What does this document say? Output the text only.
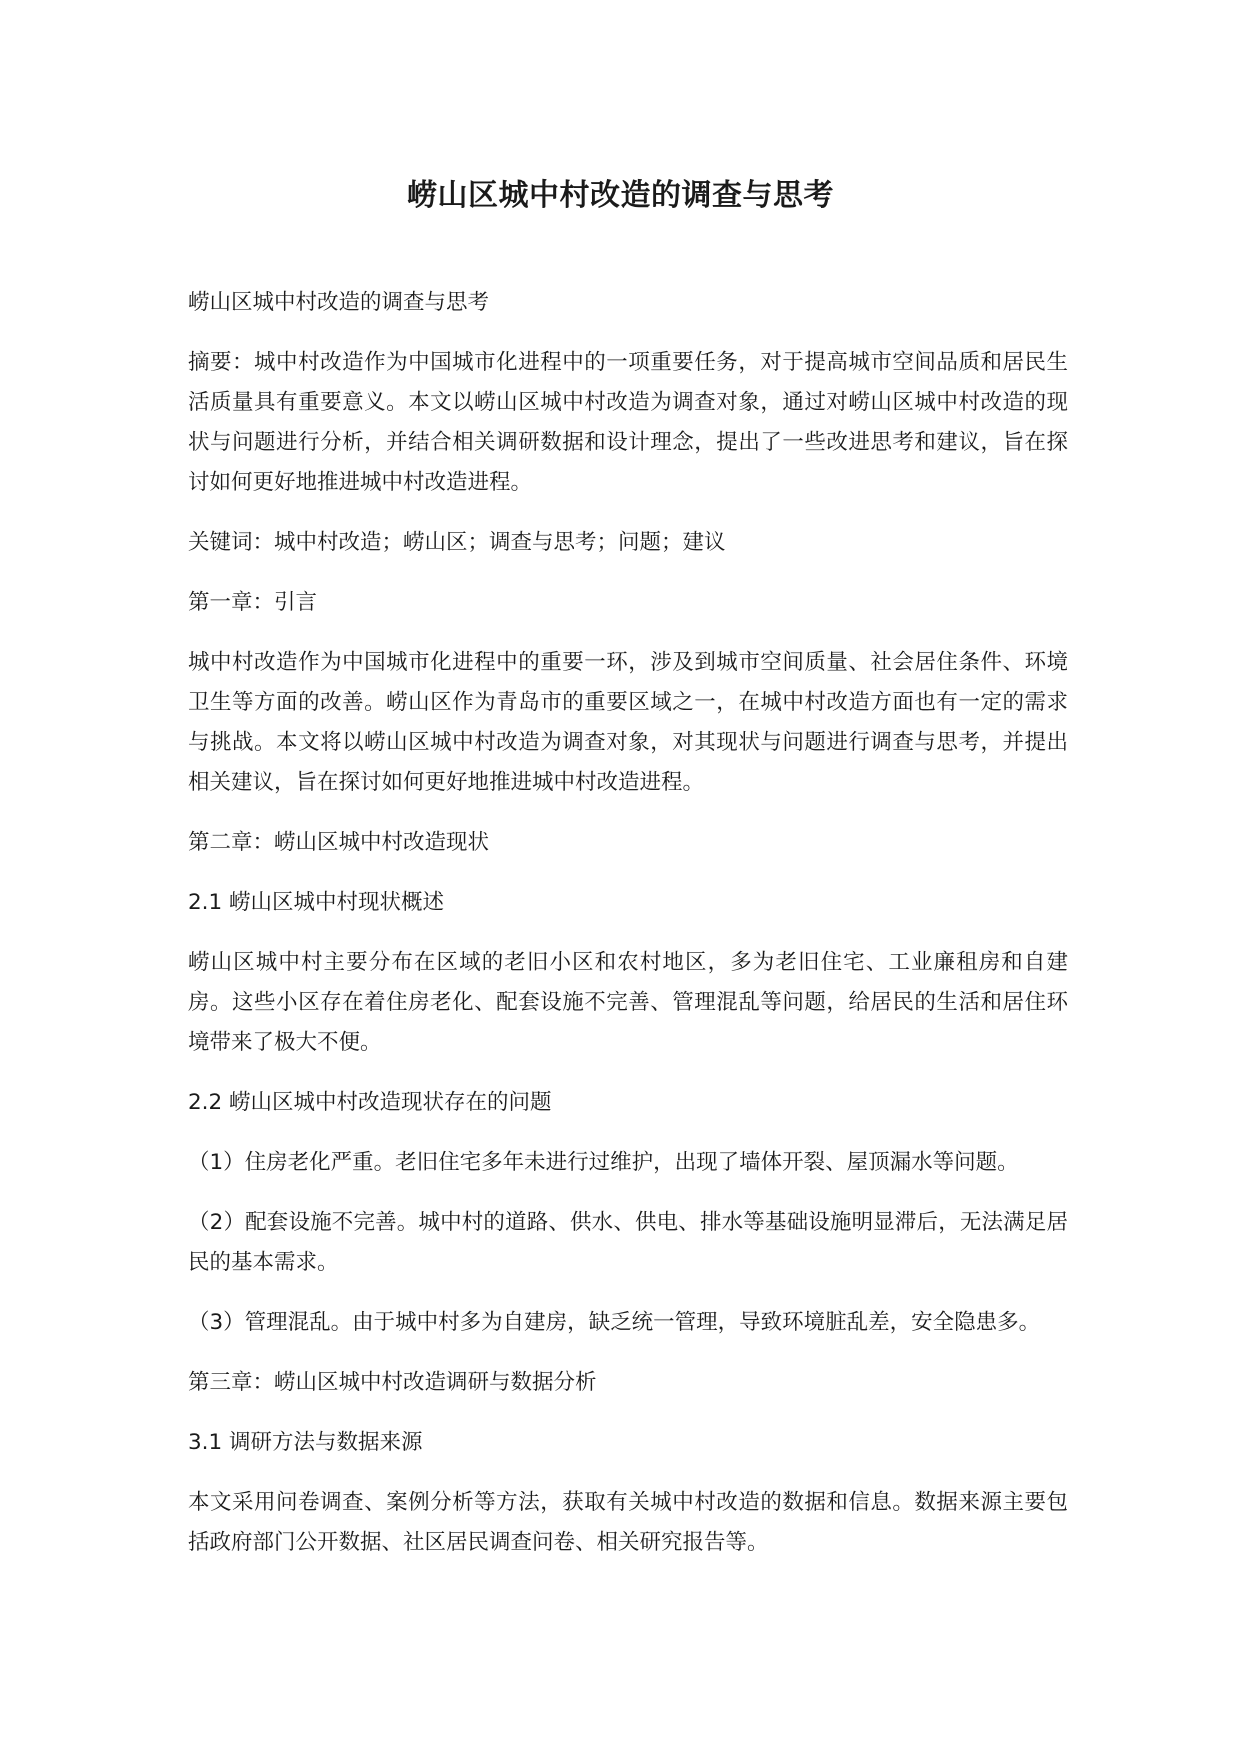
崂山区城中村改造的调查与思考

崂山区城中村改造的调查与思考

摘要：城中村改造作为中国城市化进程中的一项重要任务，对于提高城市空间品质和居民生活质量具有重要意义。本文以崂山区城中村改造为调查对象，通过对崂山区城中村改造的现状与问题进行分析，并结合相关调研数据和设计理念，提出了一些改进思考和建议，旨在探讨如何更好地推进城中村改造进程。

关键词：城中村改造；崂山区；调查与思考；问题；建议

第一章：引言

城中村改造作为中国城市化进程中的重要一环，涉及到城市空间质量、社会居住条件、环境卫生等方面的改善。崂山区作为青岛市的重要区域之一，在城中村改造方面也有一定的需求与挑战。本文将以崂山区城中村改造为调查对象，对其现状与问题进行调查与思考，并提出相关建议，旨在探讨如何更好地推进城中村改造进程。

第二章：崂山区城中村改造现状

2.1 崂山区城中村现状概述

崂山区城中村主要分布在区域的老旧小区和农村地区，多为老旧住宅、工业廉租房和自建房。这些小区存在着住房老化、配套设施不完善、管理混乱等问题，给居民的生活和居住环境带来了极大不便。

2.2 崂山区城中村改造现状存在的问题

（1）住房老化严重。老旧住宅多年未进行过维护，出现了墙体开裂、屋顶漏水等问题。

（2）配套设施不完善。城中村的道路、供水、供电、排水等基础设施明显滞后，无法满足居民的基本需求。

（3）管理混乱。由于城中村多为自建房，缺乏统一管理，导致环境脏乱差，安全隐患多。

第三章：崂山区城中村改造调研与数据分析

3.1 调研方法与数据来源

本文采用问卷调查、案例分析等方法，获取有关城中村改造的数据和信息。数据来源主要包括政府部门公开数据、社区居民调查问卷、相关研究报告等。
